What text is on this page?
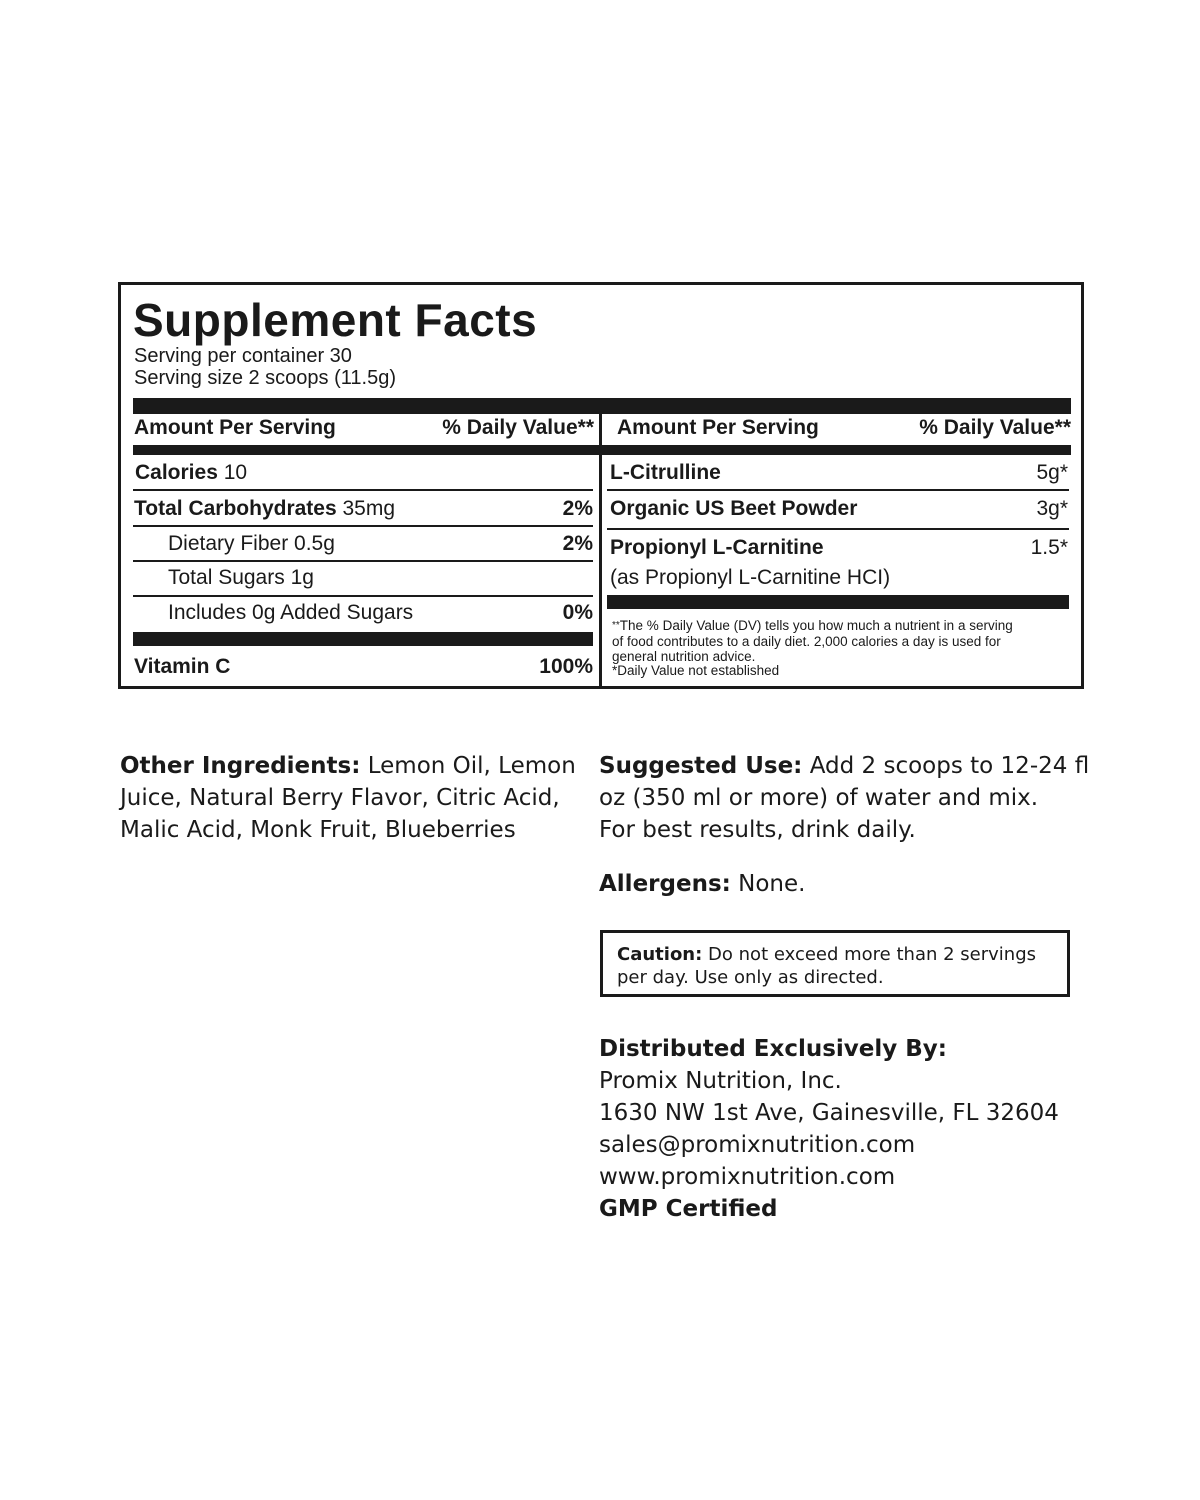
Supplement Facts
Serving per container 30
Serving size 2 scoops (11.5g)
Amount Per Serving	% Daily Value** Amount Per Serving	% Daily Value**
Calories 10
Total Carbohydrates 35mg	2%
Dietary Fiber 0.5g	2%
Total Sugars 1g
Includes 0g Added Sugars	0%
Vitamin C	100%
L-Citrulline	5g*
Organic US Beet Powder	3g*
Propionyl L-Carnitine	1.5*
(as Propionyl L-Carnitine HCI)
**The % Daily Value (DV) tells you how much a nutrient in a serving
of food contributes to a daily diet. 2,000 calories a day is used for
general nutrition advice.
*Daily Value not established
Other Ingredients: Lemon Oil, Lemon
Juice, Natural Berry Flavor, Citric Acid,
Malic Acid, Monk Fruit, Blueberries
Suggested Use: Add 2 scoops to 12-24 fl
oz (350 ml or more) of water and mix.
For best results, drink daily.
Allergens: None.
Caution: Do not exceed more than 2 servings
per day. Use only as directed.
Distributed Exclusively By:
Promix Nutrition, Inc.
1630 NW 1st Ave, Gainesville, FL 32604
sales@promixnutrition.com
www.promixnutrition.com
GMP Certified
